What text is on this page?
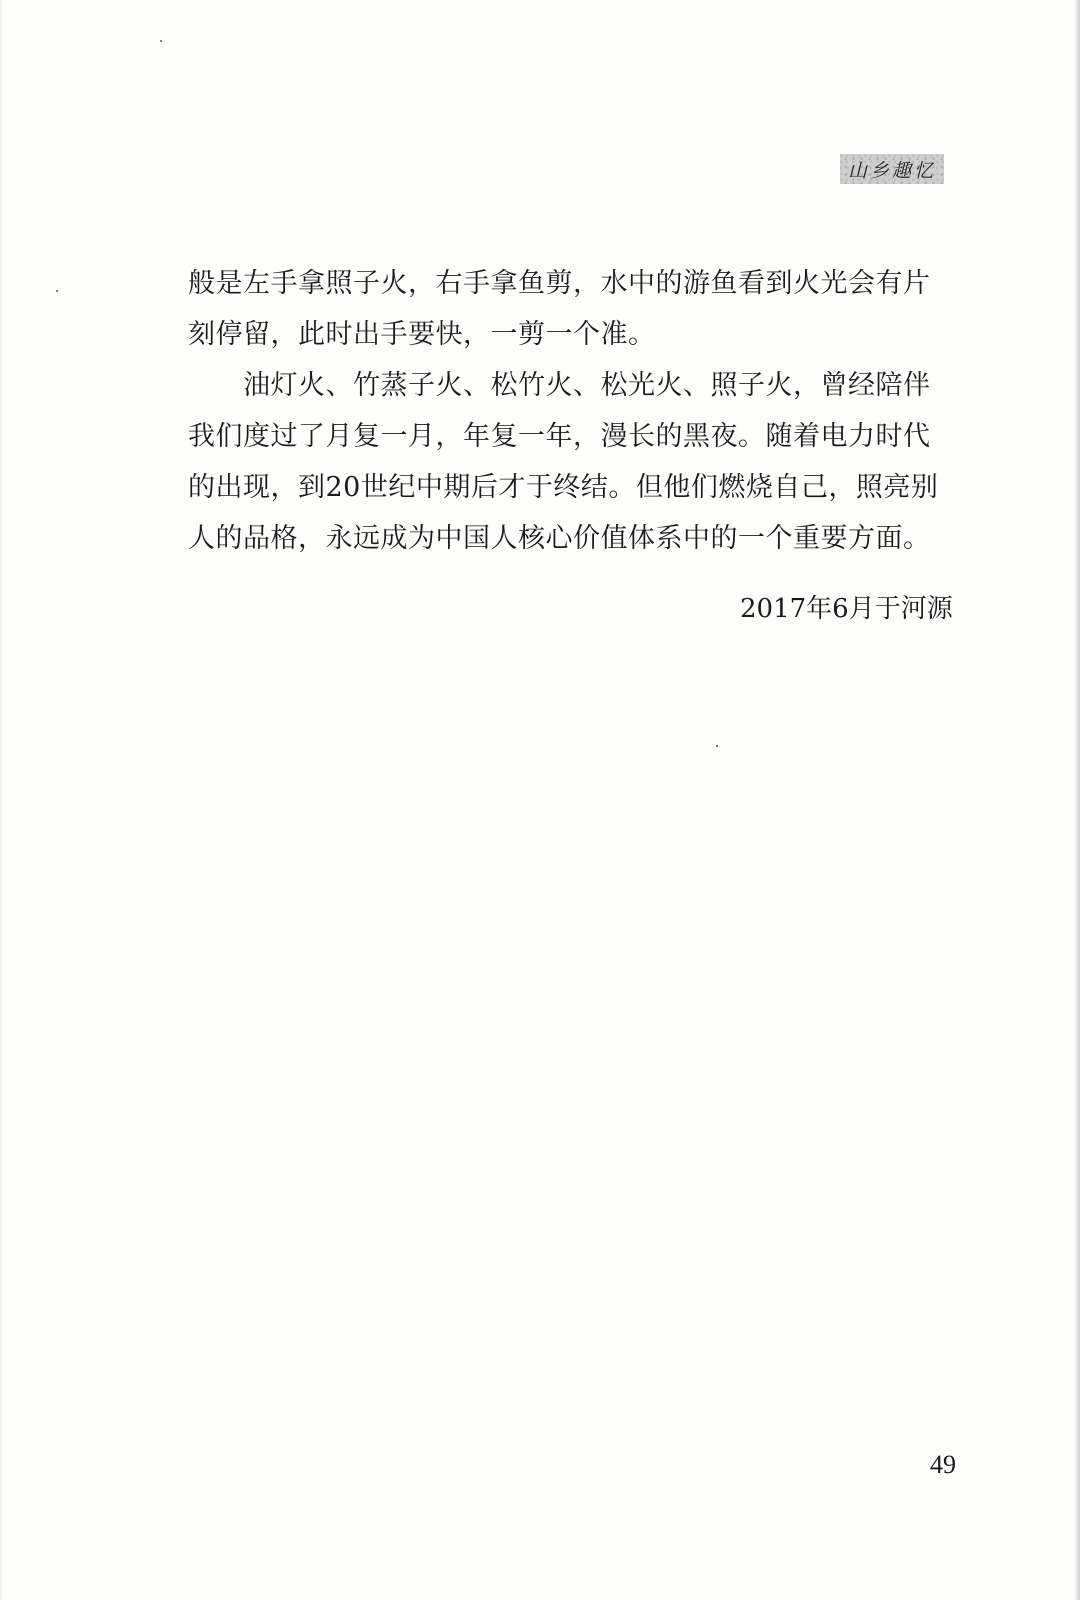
山乡趣忆
般是左手拿照子火，右手拿鱼剪，水中的游鱼看到火光会有片
刻停留，此时出手要快，一剪一个准。
　　油灯火、竹蒸子火、松竹火、松光火、照子火，曾经陪伴
我们度过了月复一月，年复一年，漫长的黑夜。随着电力时代
的出现，到20世纪中期后才于终结。但他们燃烧自己，照亮别
人的品格，永远成为中国人核心价值体系中的一个重要方面。
2017年6月于河源
49
